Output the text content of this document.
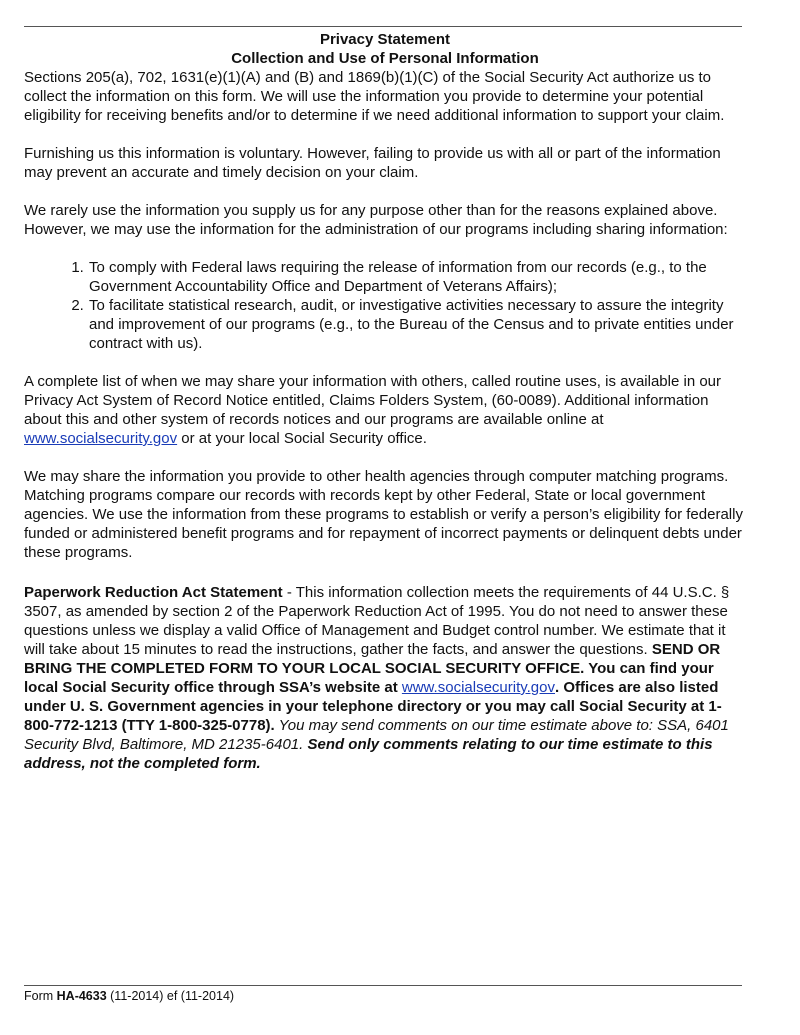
Privacy Statement

Collection and Use of Personal Information

Sections 205(a), 702, 1631(e)(1)(A) and (B) and 1869(b)(1)(C) of the Social Security Act authorize us to collect the information on this form. We will use the information you provide to determine your potential eligibility for receiving benefits and/or to determine if we need additional information to support your claim.

Furnishing us this information is voluntary. However, failing to provide us with all or part of the information may prevent an accurate and timely decision on your claim.

We rarely use the information you supply us for any purpose other than for the reasons explained above. However, we may use the information for the administration of our programs including sharing information:

1. To comply with Federal laws requiring the release of information from our records (e.g., to the Government Accountability Office and Department of Veterans Affairs);
2. To facilitate statistical research, audit, or investigative activities necessary to assure the integrity and improvement of our programs (e.g., to the Bureau of the Census and to private entities under contract with us).

A complete list of when we may share your information with others, called routine uses, is available in our Privacy Act System of Record Notice entitled, Claims Folders System, (60-0089). Additional information about this and other system of records notices and our programs are available online at www.socialsecurity.gov or at your local Social Security office.

We may share the information you provide to other health agencies through computer matching programs. Matching programs compare our records with records kept by other Federal, State or local government agencies. We use the information from these programs to establish or verify a person’s eligibility for federally funded or administered benefit programs and for repayment of incorrect payments or delinquent debts under these programs.

Paperwork Reduction Act Statement - This information collection meets the requirements of 44 U.S.C. § 3507, as amended by section 2 of the Paperwork Reduction Act of 1995. You do not need to answer these questions unless we display a valid Office of Management and Budget control number. We estimate that it will take about 15 minutes to read the instructions, gather the facts, and answer the questions. SEND OR BRING THE COMPLETED FORM TO YOUR LOCAL SOCIAL SECURITY OFFICE. You can find your local Social Security office through SSA’s website at www.socialsecurity.gov. Offices are also listed under U. S. Government agencies in your telephone directory or you may call Social Security at 1-800-772-1213 (TTY 1-800-325-0778). You may send comments on our time estimate above to: SSA, 6401 Security Blvd, Baltimore, MD 21235-6401. Send only comments relating to our time estimate to this address, not the completed form.

Form HA-4633 (11-2014) ef (11-2014)
